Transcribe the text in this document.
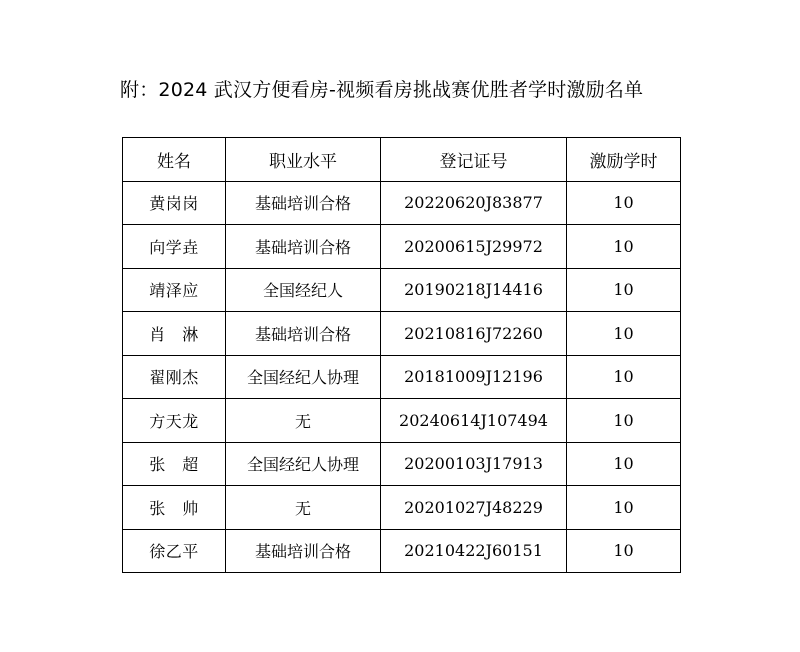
附：2024 武汉方便看房-视频看房挑战赛优胜者学时激励名单
姓名	职业水平	登记证号	激励学时
黄岗岗	基础培训合格	20220620J83877	10
向学垚	基础培训合格	20200615J29972	10
靖泽应	全国经纪人	20190218J14416	10
肖　淋	基础培训合格	20210816J72260	10
翟刚杰	全国经纪人协理	20181009J12196	10
方天龙	无	20240614J107494	10
张　超	全国经纪人协理	20200103J17913	10
张　帅	无	20201027J48229	10
徐乙平	基础培训合格	20210422J60151	10
